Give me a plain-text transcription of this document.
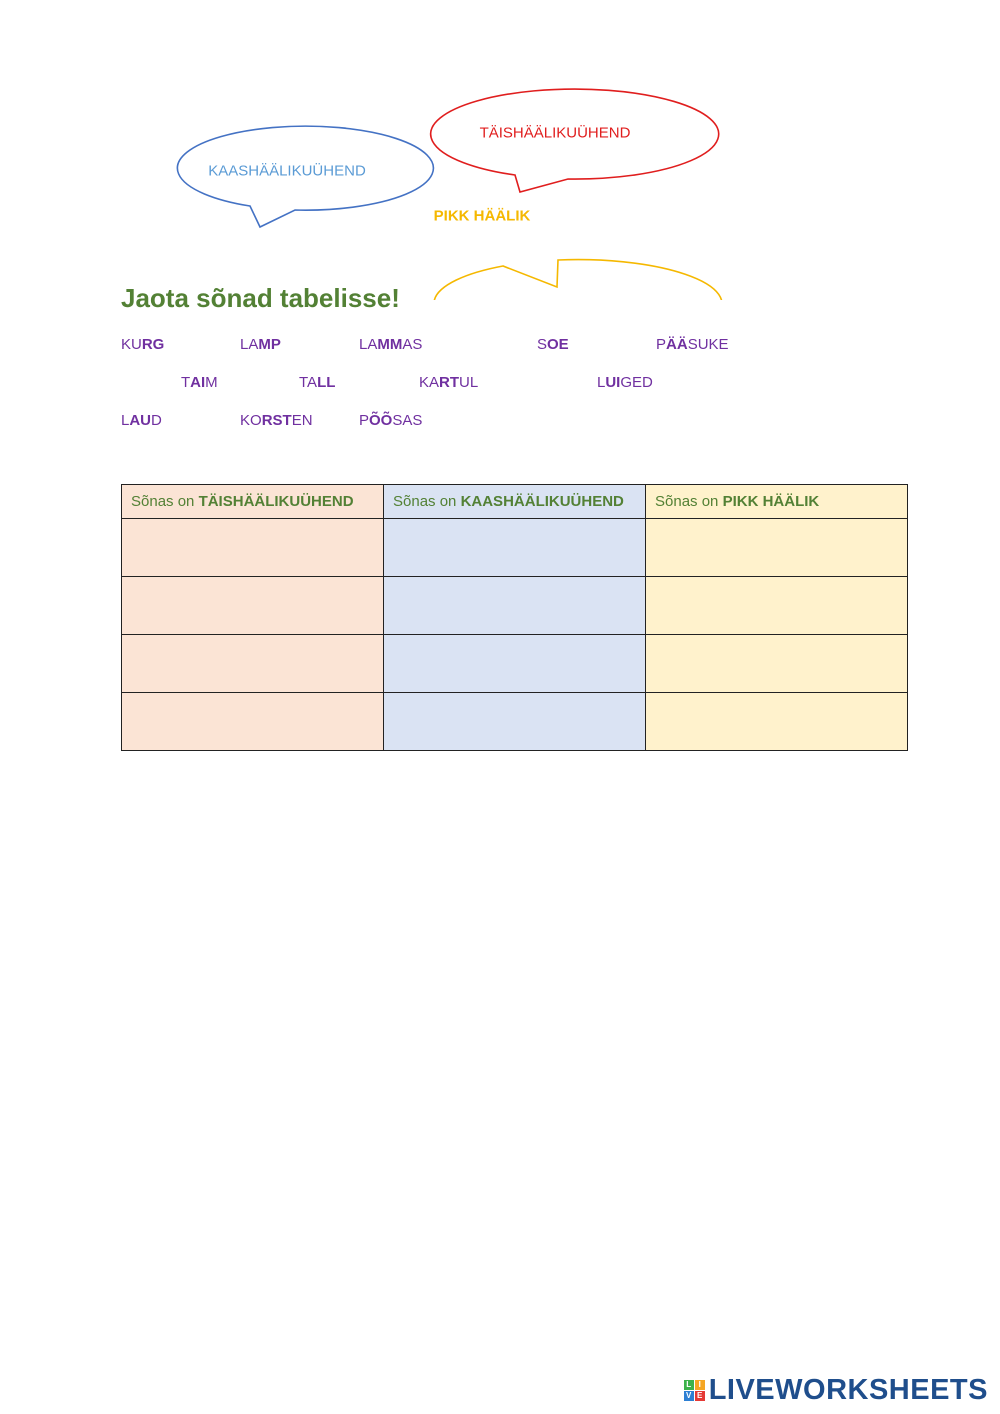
KAASHÄÄLIKUÜHEND
TÄISHÄÄLIKUÜHEND
PIKK HÄÄLIK
Jaota sõnad tabelisse!
KURG	LAMP	LAMMAS	SOE	PÄÄSUKE
TAIM	TALL	KARTUL	LUIGED
LAUD	KORSTEN	PÕÕSAS
Sõnas on TÄISHÄÄLIKUÜHEND	Sõnas on KAASHÄÄLIKUÜHEND	Sõnas on PIKK HÄÄLIK

L I
V E LIVEWORKSHEETS
